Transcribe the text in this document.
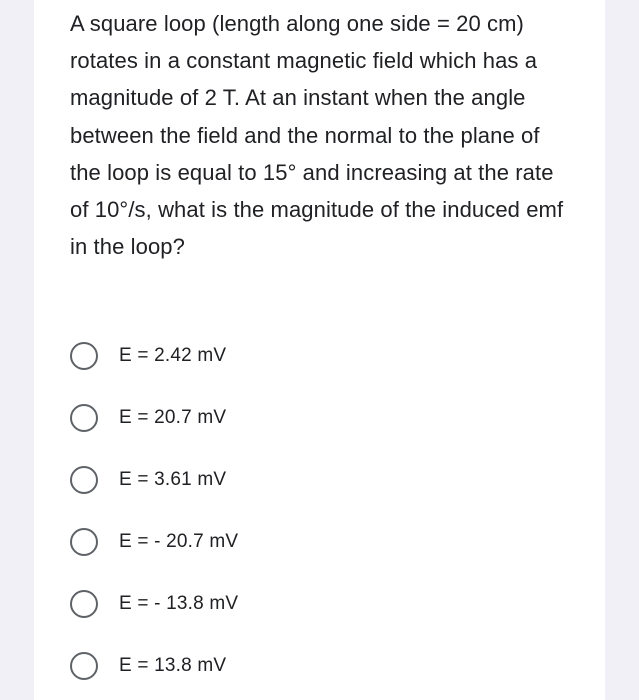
A square loop (length along one side = 20 cm) rotates in a constant magnetic field which has a magnitude of 2 T. At an instant when the angle between the field and the normal to the plane of the loop is equal to 15° and increasing at the rate of 10°/s, what is the magnitude of the induced emf in the loop?

E = 2.42 mV
E = 20.7 mV
E = 3.61 mV
E = - 20.7 mV
E = - 13.8 mV
E = 13.8 mV
